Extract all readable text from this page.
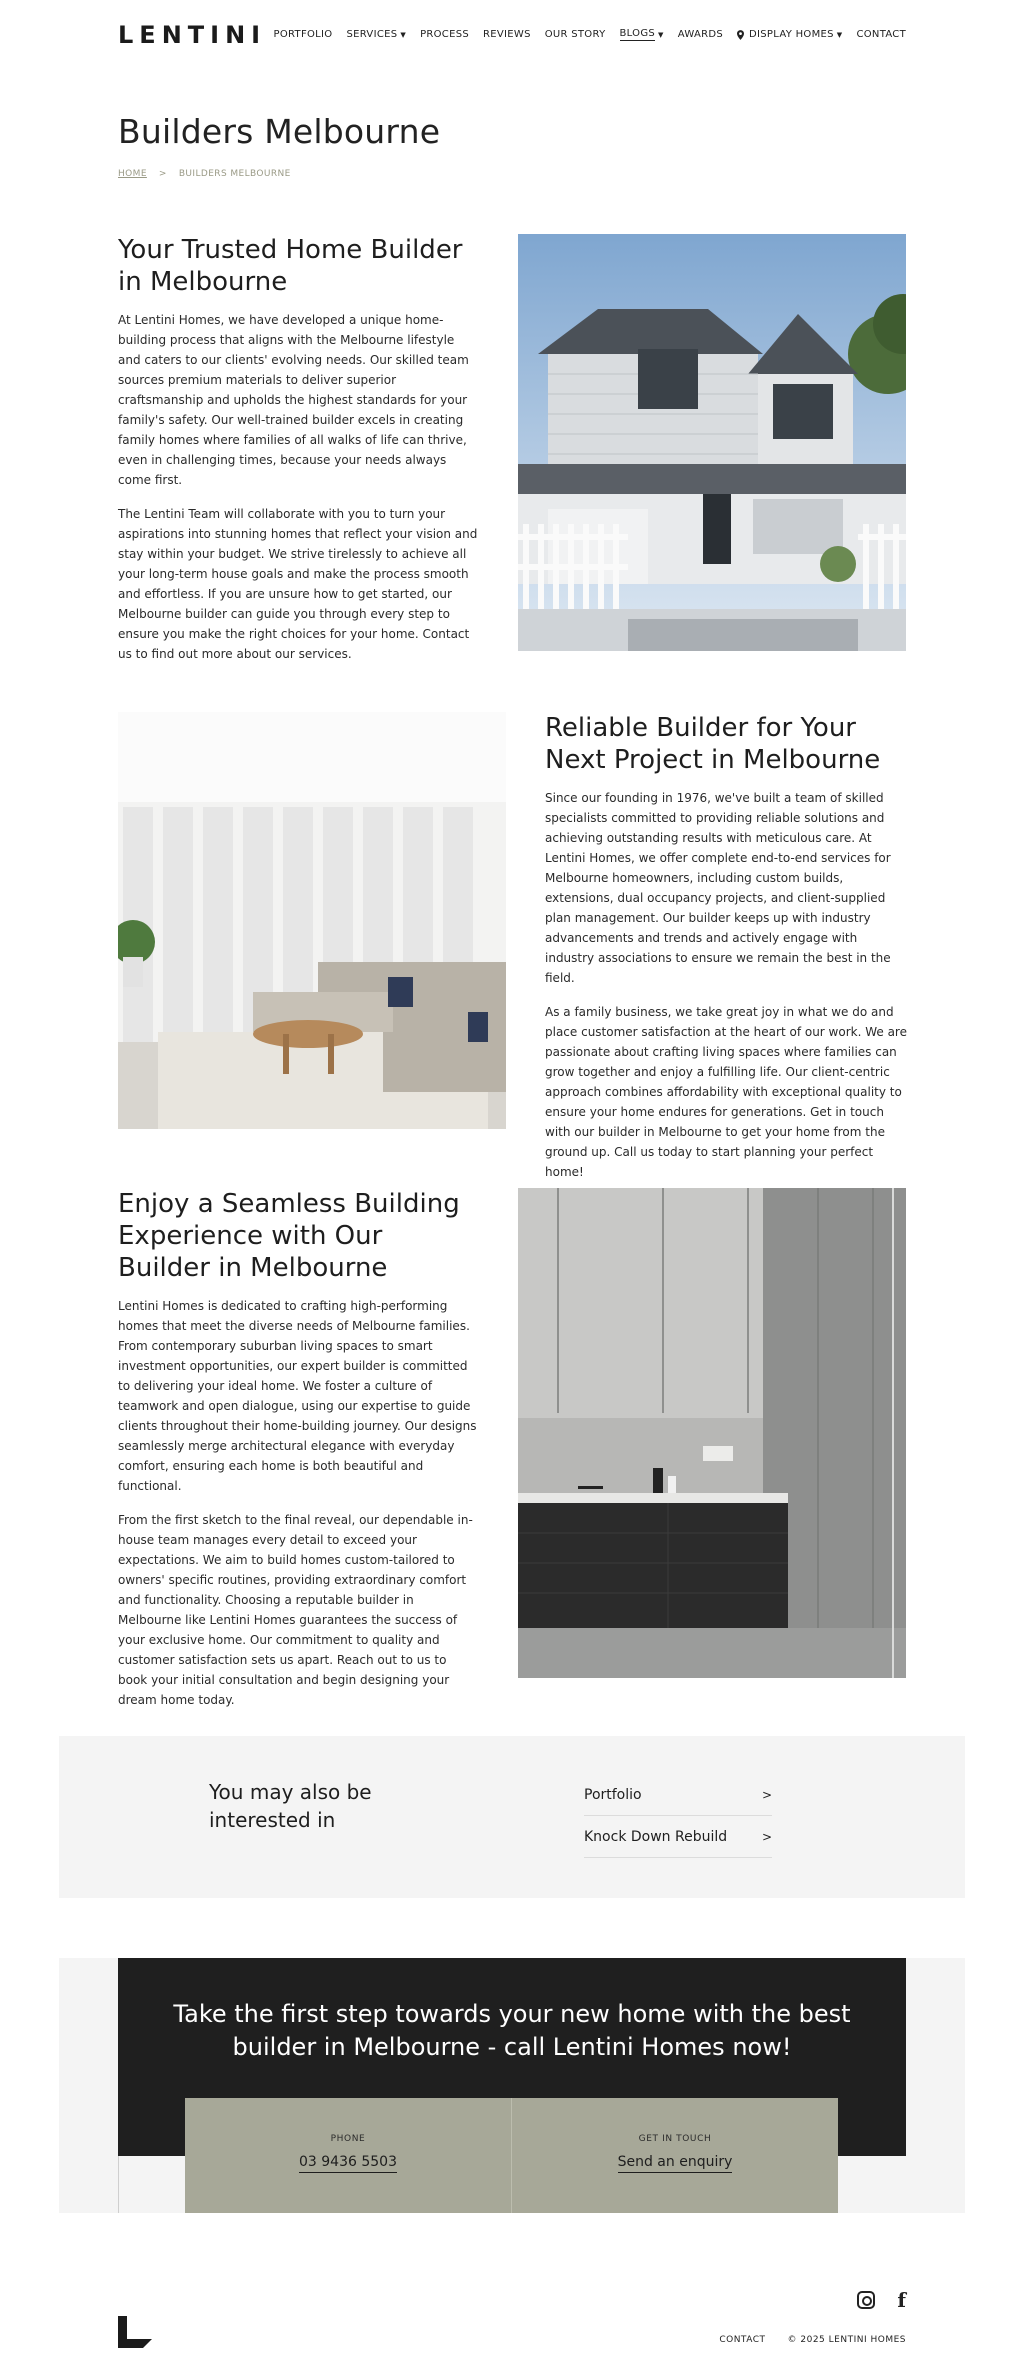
LENTINI PORTFOLIO SERVICES ▼ PROCESS REVIEWS OUR STORY BLOGS ▼ AWARDS	DISPLAY HOMES ▼ CONTACT
Builders Melbourne
HOME > BUILDERS MELBOURNE
Your Trusted Home Builder in Melbourne

At Lentini Homes, we have developed a unique home-building process that aligns with the Melbourne lifestyle and caters to our clients' evolving needs. Our skilled team sources premium materials to deliver superior craftsmanship and upholds the highest standards for your family's safety. Our well-trained builder excels in creating family homes where families of all walks of life can thrive, even in challenging times, because your needs always come first.

The Lentini Team will collaborate with you to turn your aspirations into stunning homes that reflect your vision and stay within your budget. We strive tirelessly to achieve all your long-term house goals and make the process smooth and effortless. If you are unsure how to get started, our Melbourne builder can guide you through every step to ensure you make the right choices for your home. Contact us to find out more about our services.

Reliable Builder for Your Next Project in Melbourne

Since our founding in 1976, we've built a team of skilled specialists committed to providing reliable solutions and achieving outstanding results with meticulous care. At Lentini Homes, we offer complete end-to-end services for Melbourne homeowners, including custom builds, extensions, dual occupancy projects, and client-supplied plan management. Our builder keeps up with industry advancements and trends and actively engage with industry associations to ensure we remain the best in the field.

As a family business, we take great joy in what we do and place customer satisfaction at the heart of our work. We are passionate about crafting living spaces where families can grow together and enjoy a fulfilling life. Our client-centric approach combines affordability with exceptional quality to ensure your home endures for generations. Get in touch with our builder in Melbourne to get your home from the ground up. Call us today to start planning your perfect home!

Enjoy a Seamless Building Experience with Our Builder in Melbourne

Lentini Homes is dedicated to crafting high-performing homes that meet the diverse needs of Melbourne families. From contemporary suburban living spaces to smart investment opportunities, our expert builder is committed to delivering your ideal home. We foster a culture of teamwork and open dialogue, using our expertise to guide clients throughout their home-building journey. Our designs seamlessly merge architectural elegance with everyday comfort, ensuring each home is both beautiful and functional.

From the first sketch to the final reveal, our dependable in-house team manages every detail to exceed your expectations. We aim to build homes custom-tailored to owners' specific routines, providing extraordinary comfort and functionality. Choosing a reputable builder in Melbourne like Lentini Homes guarantees the success of your exclusive home. Our commitment to quality and customer satisfaction sets us apart. Reach out to us to book your initial consultation and begin designing your dream home today.

You may also be interested in
Portfolio	>
Knock Down Rebuild	>
Take the first step towards your new home with the best builder in Melbourne - call Lentini Homes now!
PHONE
03 9436 5503
GET IN TOUCH
Send an enquiry
f
CONTACT © 2025 LENTINI HOMES
